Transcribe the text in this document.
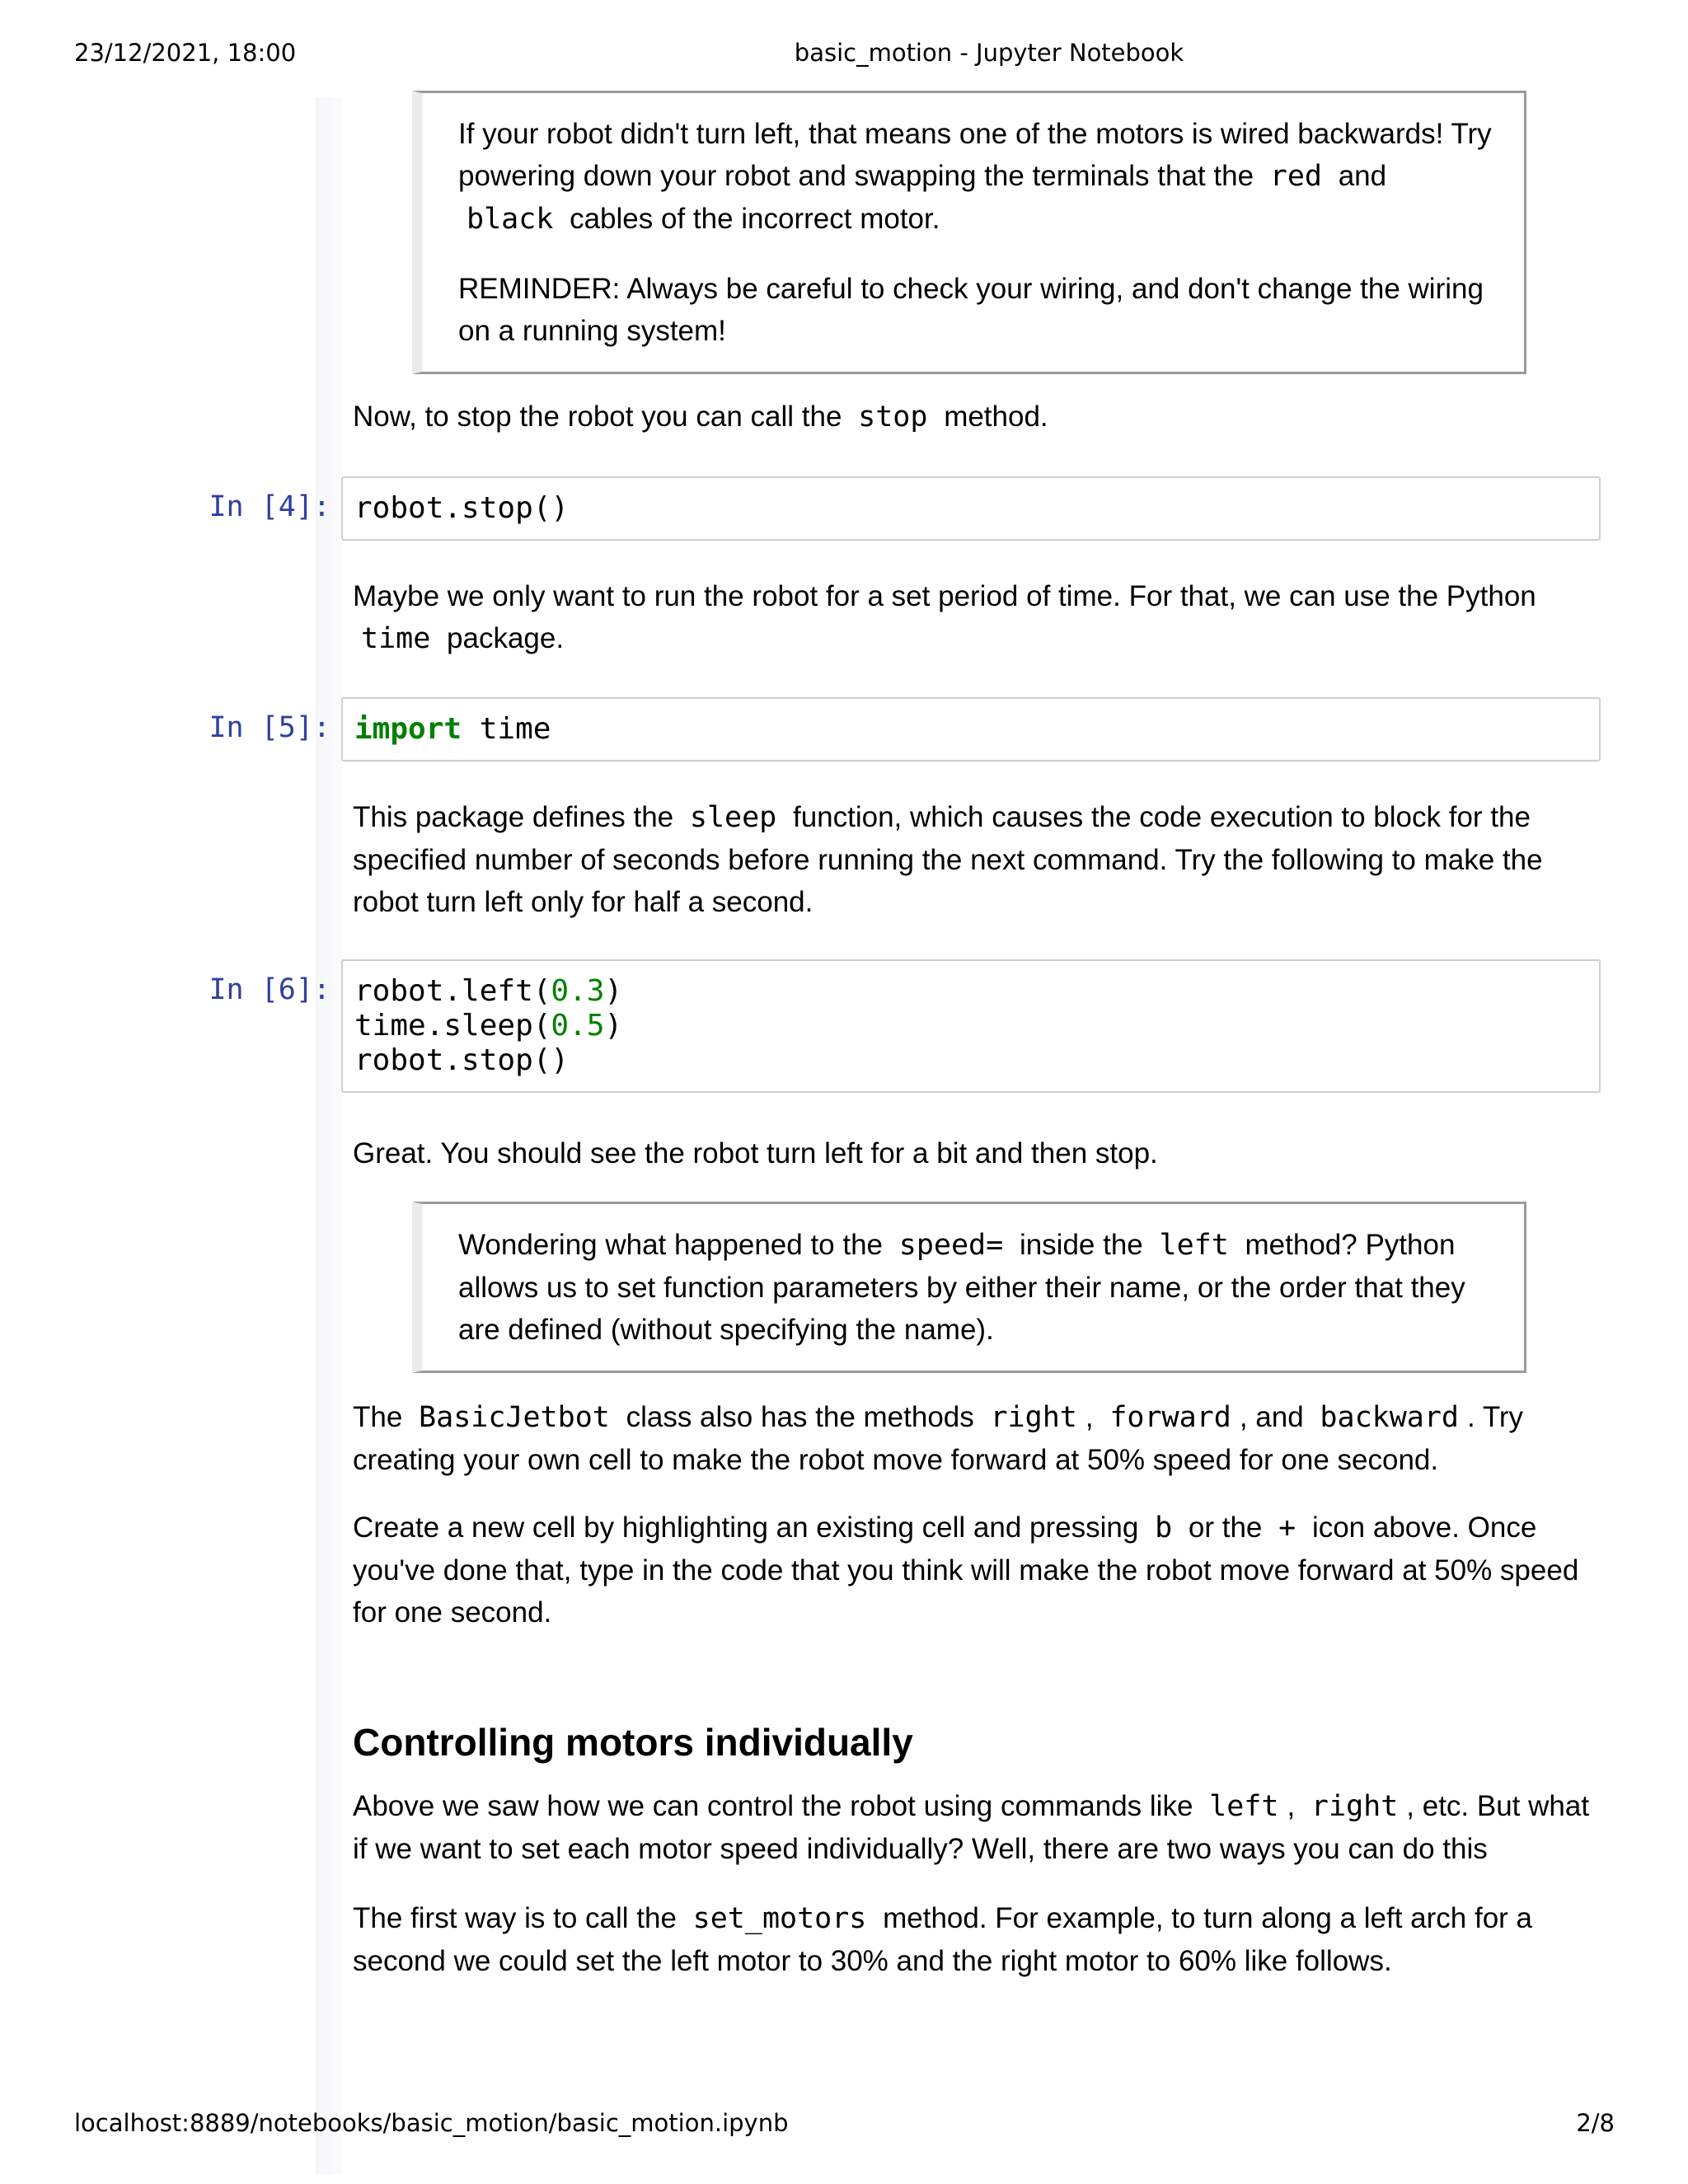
23/12/2021, 18:00	basic_motion - Jupyter Notebook

If your robot didn't turn left, that means one of the motors is wired backwards! Try powering down your robot and swapping the terminals that the red and
black cables of the incorrect motor.

REMINDER: Always be careful to check your wiring, and don't change the wiring on a running system!

Now, to stop the robot you can call the stop method.

In [4]: robot.stop()

Maybe we only want to run the robot for a set period of time. For that, we can use the Python
time package.

In [5]: import time

This package defines the sleep function, which causes the code execution to block for the specified number of seconds before running the next command. Try the following to make the robot turn left only for half a second.

In [6]: robot.left(0.3)
time.sleep(0.5)
robot.stop()

Great. You should see the robot turn left for a bit and then stop.

Wondering what happened to the speed= inside the left method? Python allows us to set function parameters by either their name, or the order that they are defined (without specifying the name).

The BasicJetbot class also has the methods right , forward , and backward . Try creating your own cell to make the robot move forward at 50% speed for one second.

Create a new cell by highlighting an existing cell and pressing b or the + icon above. Once you've done that, type in the code that you think will make the robot move forward at 50% speed for one second.

Controlling motors individually

Above we saw how we can control the robot using commands like left , right , etc. But what if we want to set each motor speed individually? Well, there are two ways you can do this

The first way is to call the set_motors method. For example, to turn along a left arch for a second we could set the left motor to 30% and the right motor to 60% like follows.

localhost:8889/notebooks/basic_motion/basic_motion.ipynb	2/8
